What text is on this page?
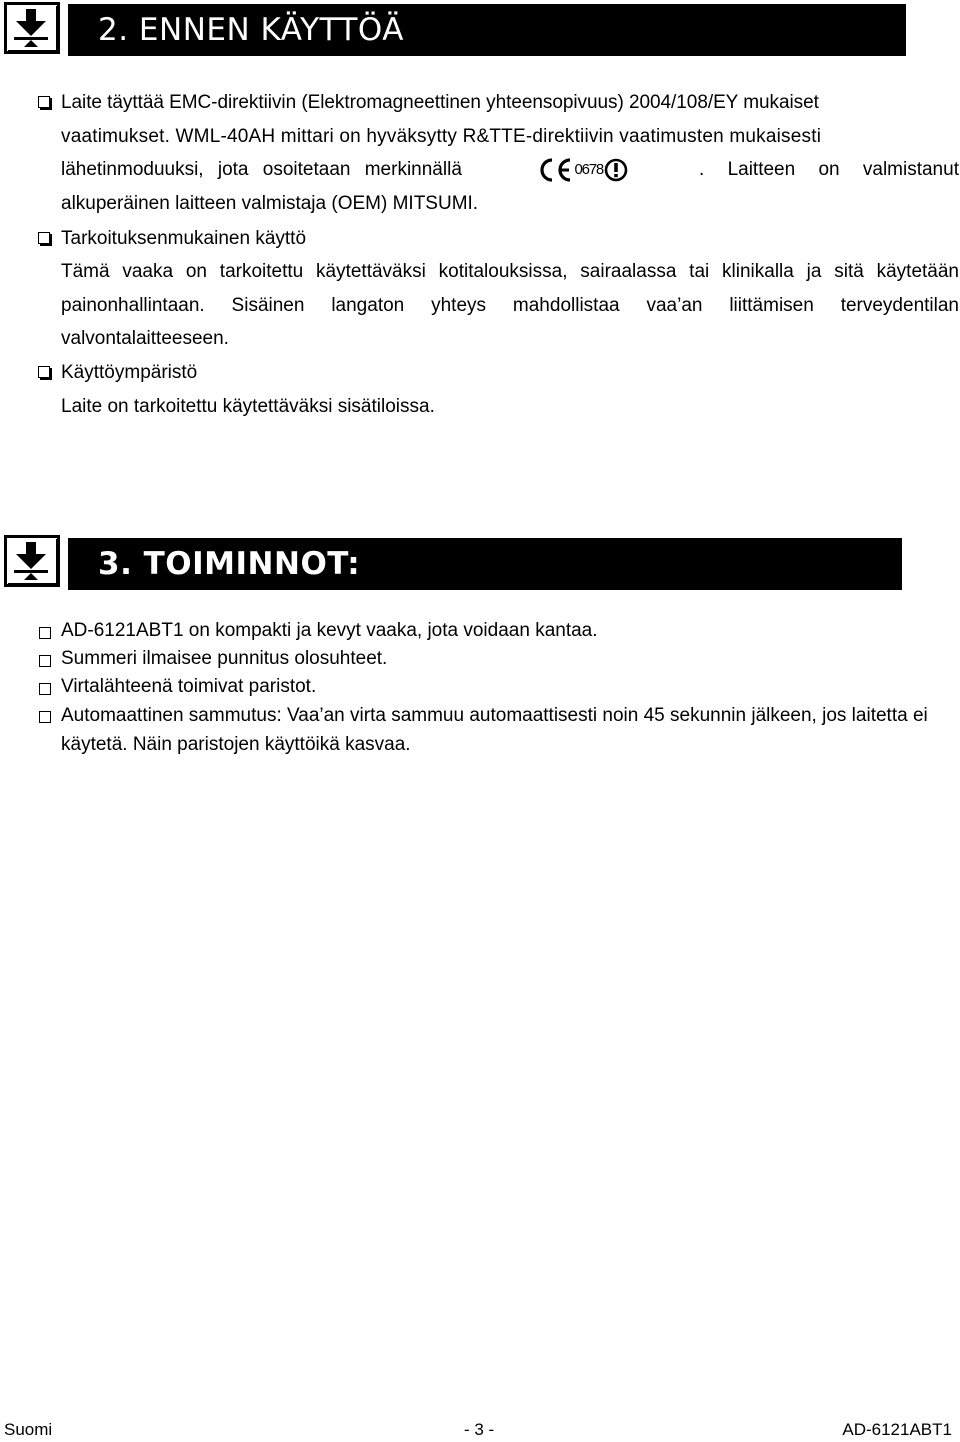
2. ENNEN KÄYTTÖÄ
Laite täyttää EMC-direktiivin (Elektromagneettinen yhteensopivuus) 2004/108/EY mukaiset
vaatimukset. WML-40AH mittari on hyväksytty R&TTE-direktiivin vaatimusten mukaisesti
lähetinmoduuksi, jota osoitetaan merkinnällä	0678	. Laitteen on valmistanut
alkuperäinen laitteen valmistaja (OEM) MITSUMI.
Tarkoituksenmukainen käyttö
Tämä vaaka on tarkoitettu käytettäväksi kotitalouksissa, sairaalassa tai klinikalla ja sitä käytetään painonhallintaan. Sisäinen langaton yhteys mahdollistaa vaa’an liittämisen terveydentilan valvontalaitteeseen.
Käyttöympäristö
Laite on tarkoitettu käytettäväksi sisätiloissa.
3. TOIMINNOT:
AD-6121ABT1 on kompakti ja kevyt vaaka, jota voidaan kantaa.
Summeri ilmaisee punnitus olosuhteet.
Virtalähteenä toimivat paristot.
Automaattinen sammutus: Vaa’an virta sammuu automaattisesti noin 45 sekunnin jälkeen, jos laitetta ei käytetä. Näin paristojen käyttöikä kasvaa.
Suomi	- 3 -	AD-6121ABT1
